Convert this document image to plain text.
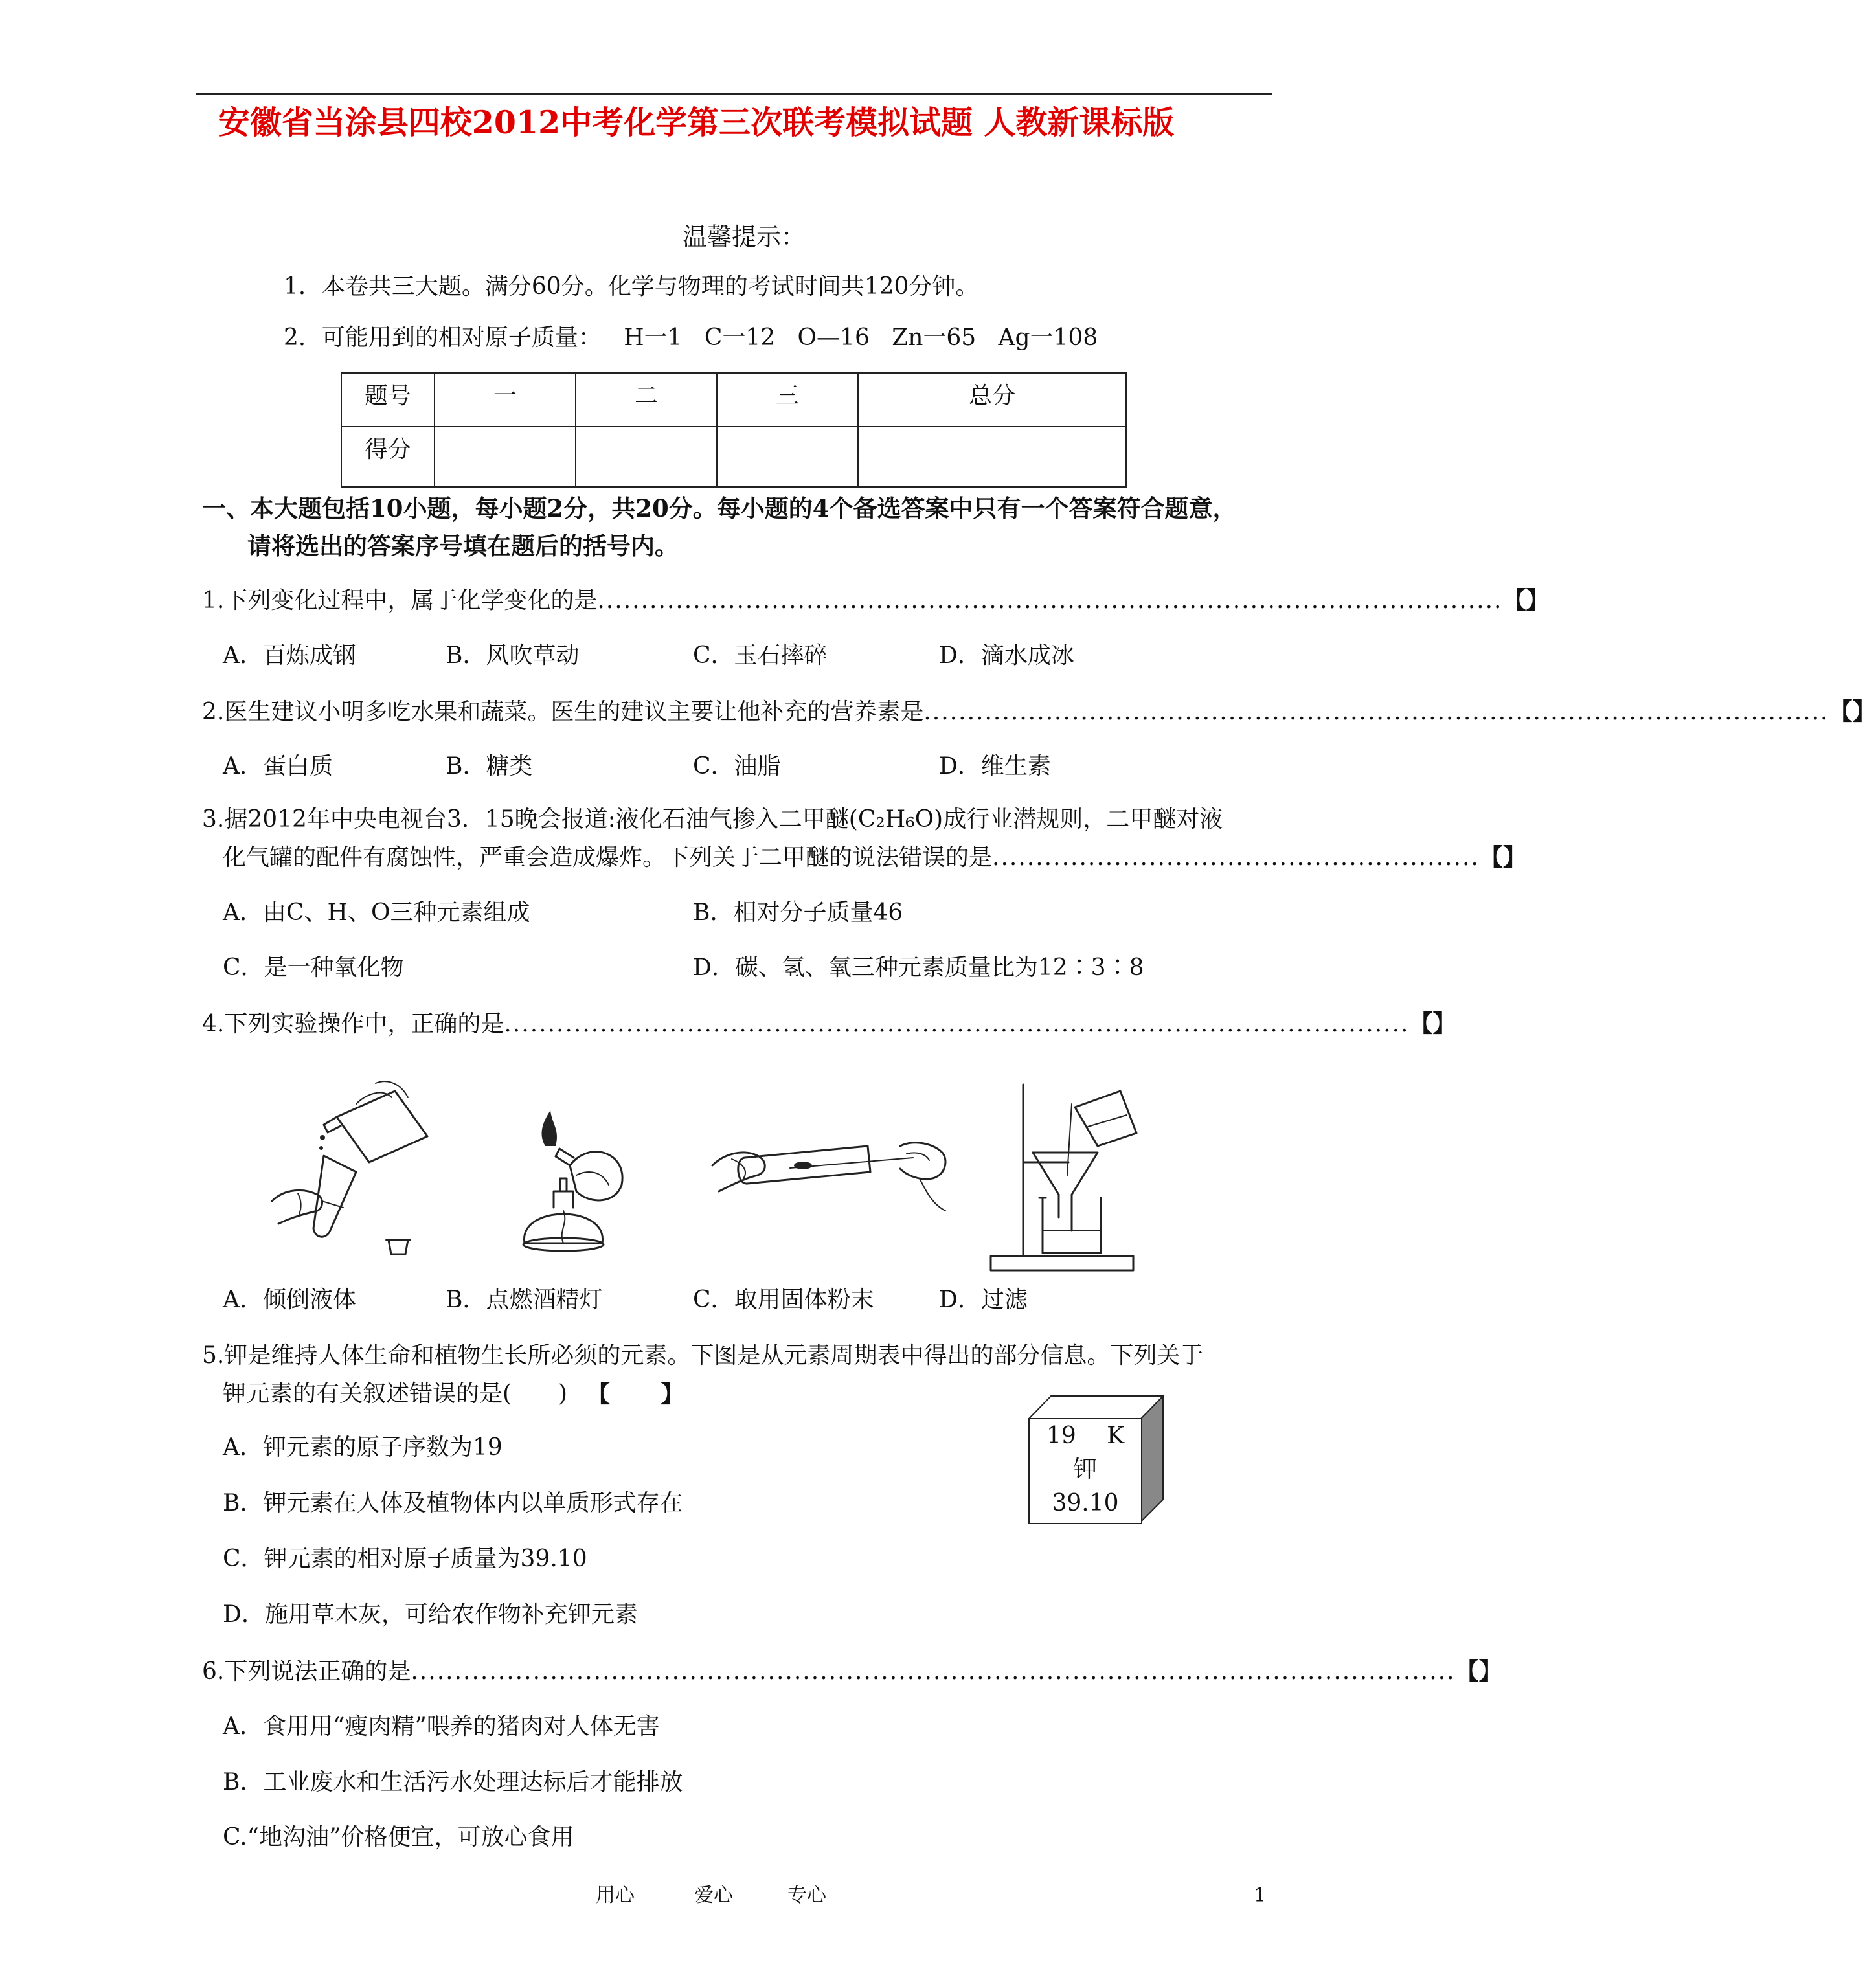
安徽省当涂县四校2012中考化学第三次联考模拟试题 人教新课标版
温馨提示：
1．本卷共三大题。满分60分。化学与物理的考试时间共120分钟。
2．可能用到的相对原子质量：   H一1   C一12   O—16   Zn一65   Ag一108
题号	一	二	三	总分
得分				
一、本大题包括10小题，每小题2分，共20分。每小题的4个备选答案中只有一个答案符合题意，
请将选出的答案序号填在题后的括号内。
1.下列变化过程中，属于化学变化的是 ........................................................................................................ 【 】
A．百炼成钢	B．风吹草动	C．玉石摔碎	D．滴水成冰
2.医生建议小明多吃水果和蔬菜。医生的建议主要让他补充的营养素是 ........................................................................................................ 【 】
A．蛋白质	B．糖类	C．油脂	D．维生素
3.据2012年中央电视台3．15晚会报道:液化石油气掺入二甲醚(C₂H₆O)成行业潜规则，二甲醚对液
化气罐的配件有腐蚀性，严重会造成爆炸。下列关于二甲醚的说法错误的是 ........................................................ 【 】
A．由C、H、O三种元素组成	B．相对分子质量46
C．是一种氧化物	D．碳、氢、氧三种元素质量比为12∶3∶8
4.下列实验操作中，正确的是 ........................................................................................................ 【 】
A．倾倒液体	B．点燃酒精灯	C．取用固体粉末	D．过滤
5.钾是维持人体生命和植物生长所必须的元素。下图是从元素周期表中得出的部分信息。下列关于
钾元素的有关叙述错误的是(　　) 【 】
19 K
钾
39.10
A．钾元素的原子序数为19
B．钾元素在人体及植物体内以单质形式存在
C．钾元素的相对原子质量为39.10
D．施用草木灰，可给农作物补充钾元素
6.下列说法正确的是 ........................................................................................................................ 【 】
A．食用用“瘦肉精”喂养的猪肉对人体无害
B．工业废水和生活污水处理达标后才能排放
C.“地沟油”价格便宜，可放心食用
用心	爱心	专心	1
